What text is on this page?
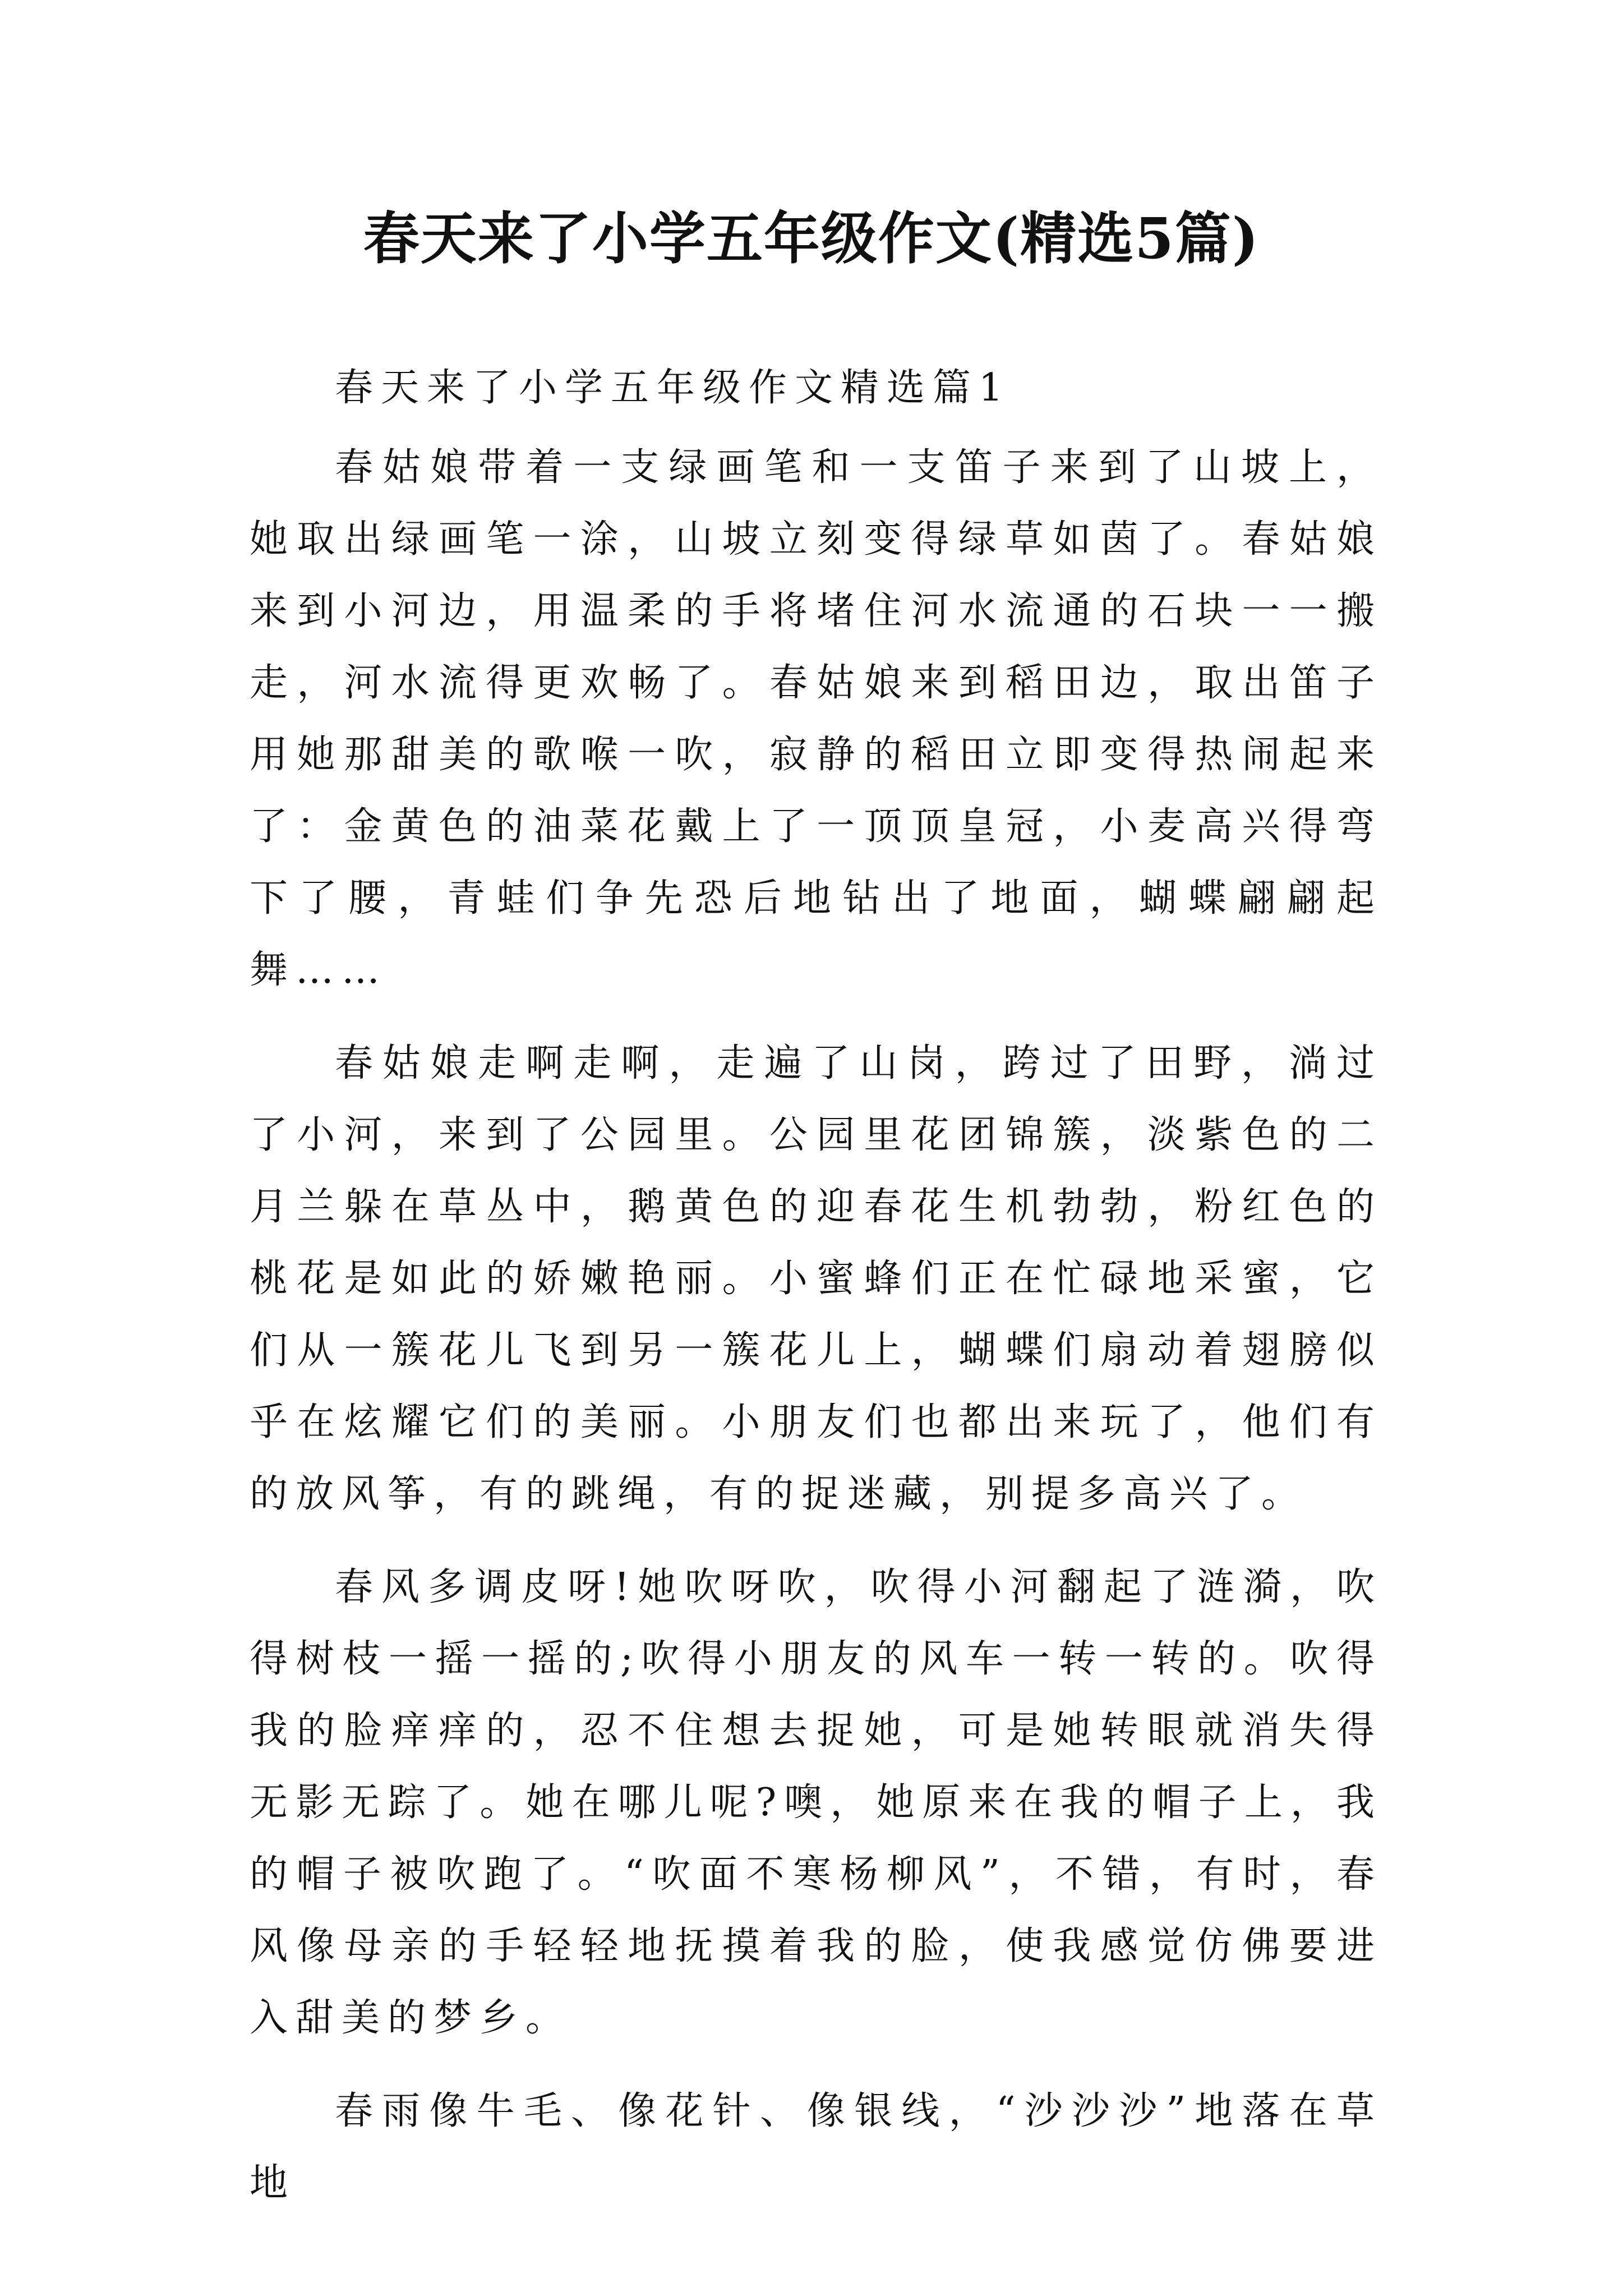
春天来了小学五年级作文(精选5篇)

春天来了小学五年级作文精选篇1

春姑娘带着一支绿画笔和一支笛子来到了山坡上，她取出绿画笔一涂，山坡立刻变得绿草如茵了。春姑娘来到小河边，用温柔的手将堵住河水流通的石块一一搬走，河水流得更欢畅了。春姑娘来到稻田边，取出笛子用她那甜美的歌喉一吹，寂静的稻田立即变得热闹起来了：金黄色的油菜花戴上了一顶顶皇冠，小麦高兴得弯下了腰，青蛙们争先恐后地钻出了地面，蝴蝶翩翩起舞……

春姑娘走啊走啊，走遍了山岗，跨过了田野，淌过了小河，来到了公园里。公园里花团锦簇，淡紫色的二月兰躲在草丛中，鹅黄色的迎春花生机勃勃，粉红色的桃花是如此的娇嫩艳丽。小蜜蜂们正在忙碌地采蜜，它们从一簇花儿飞到另一簇花儿上，蝴蝶们扇动着翅膀似乎在炫耀它们的美丽。小朋友们也都出来玩了，他们有的放风筝，有的跳绳，有的捉迷藏，别提多高兴了。

春风多调皮呀!她吹呀吹，吹得小河翻起了涟漪，吹得树枝一摇一摇的;吹得小朋友的风车一转一转的。吹得我的脸痒痒的，忍不住想去捉她，可是她转眼就消失得无影无踪了。她在哪儿呢?噢，她原来在我的帽子上，我的帽子被吹跑了。“吹面不寒杨柳风”，不错，有时，春风像母亲的手轻轻地抚摸着我的脸，使我感觉仿佛要进入甜美的梦乡。

春雨像牛毛、像花针、像银线，“沙沙沙”地落在草地
